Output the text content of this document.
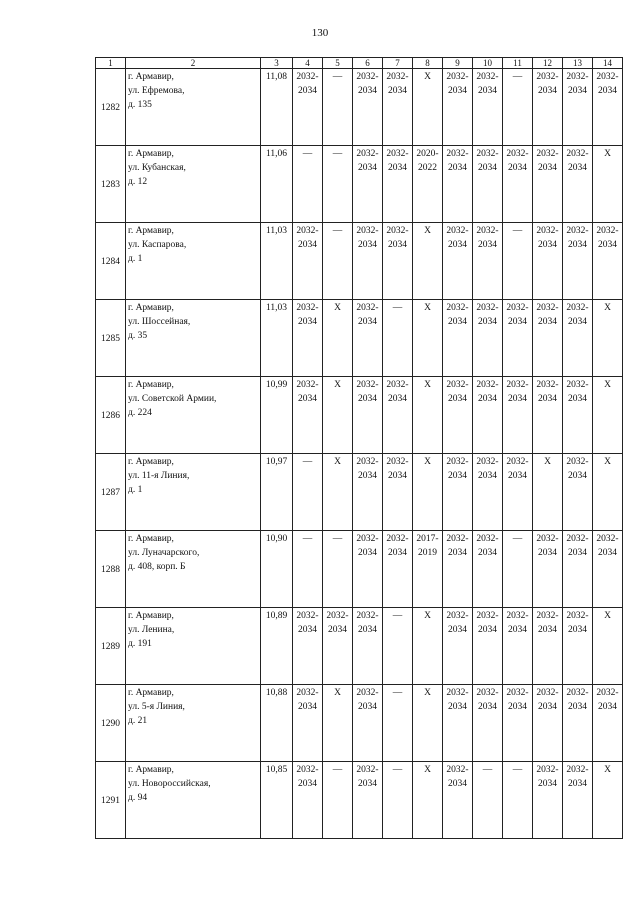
130
1	2	3	4	5	6	7	8	9	10	11	12	13	14
1282	г. Армавир,
ул. Ефремова,
д. 135	11,08	2032-
2034	—	2032-
2034	2032-
2034	Х	2032-
2034	2032-
2034	—	2032-
2034	2032-
2034	2032-
2034

1283	г. Армавир,
ул. Кубанская,
д. 12	11,06	—	—	2032-
2034	2032-
2034	2020-
2022	2032-
2034	2032-
2034	2032-
2034	2032-
2034	2032-
2034	Х

1284	г. Армавир,
ул. Каспарова,
д. 1	11,03	2032-
2034	—	2032-
2034	2032-
2034	Х	2032-
2034	2032-
2034	—	2032-
2034	2032-
2034	2032-
2034

1285	г. Армавир,
ул. Шоссейная,
д. 35	11,03	2032-
2034	Х	2032-
2034	—	Х	2032-
2034	2032-
2034	2032-
2034	2032-
2034	2032-
2034	Х

1286	г. Армавир,
ул. Советской Армии,
д. 224	10,99	2032-
2034	Х	2032-
2034	2032-
2034	Х	2032-
2034	2032-
2034	2032-
2034	2032-
2034	2032-
2034	Х

1287	г. Армавир,
ул. 11-я Линия,
д. 1	10,97	—	Х	2032-
2034	2032-
2034	Х	2032-
2034	2032-
2034	2032-
2034	Х	2032-
2034	Х

1288	г. Армавир,
ул. Луначарского,
д. 408, корп. Б	10,90	—	—	2032-
2034	2032-
2034	2017-
2019	2032-
2034	2032-
2034	—	2032-
2034	2032-
2034	2032-
2034

1289	г. Армавир,
ул. Ленина,
д. 191	10,89	2032-
2034	2032-
2034	2032-
2034	—	Х	2032-
2034	2032-
2034	2032-
2034	2032-
2034	2032-
2034	Х

1290	г. Армавир,
ул. 5-я Линия,
д. 21	10,88	2032-
2034	Х	2032-
2034	—	Х	2032-
2034	2032-
2034	2032-
2034	2032-
2034	2032-
2034	2032-
2034

1291	г. Армавир,
ул. Новороссийская,
д. 94	10,85	2032-
2034	—	2032-
2034	—	Х	2032-
2034	—	—	2032-
2034	2032-
2034	Х
